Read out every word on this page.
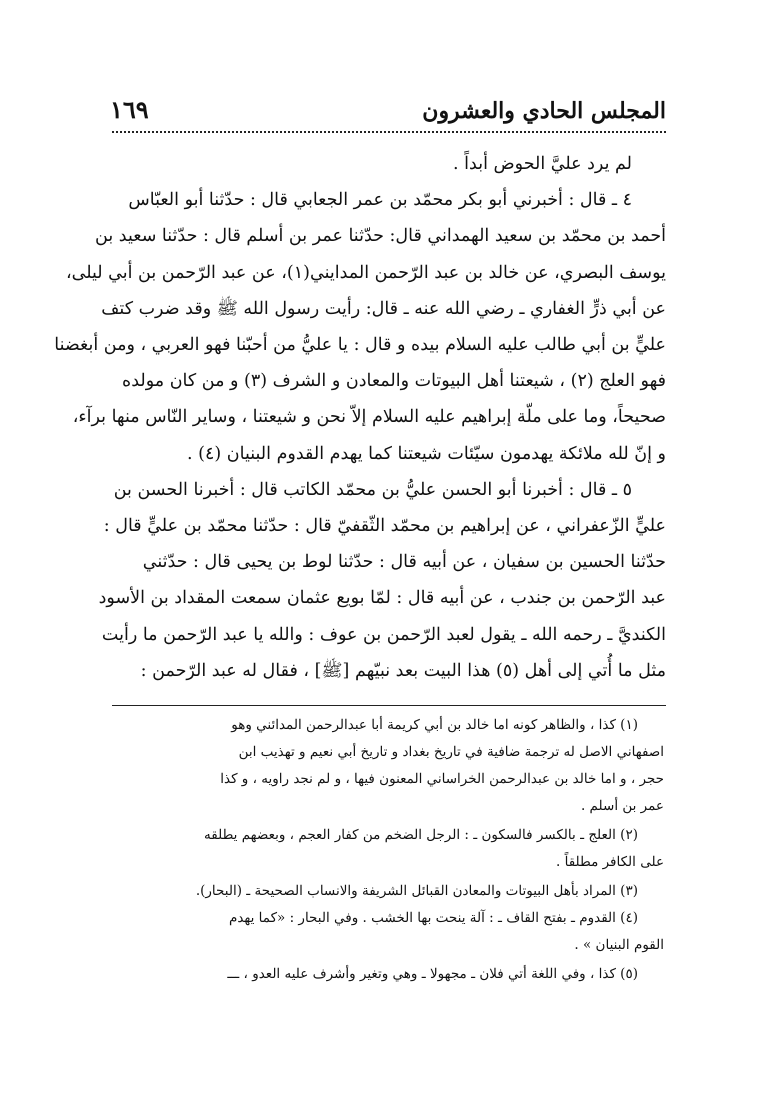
المجلس الحادي والعشرون
١٦٩
لم يرد عليَّ الحوض أبداً .
٤ ـ قال : أخبرني أبو بكر محمّد بن عمر الجعابي قال : حدّثنا أبو العبّاس
أحمد بن محمّد بن سعيد الهمداني قال: حدّثنا عمر بن أسلم قال : حدّثنا سعيد بن
يوسف البصري، عن خالد بن عبد الرّحمن المدايني(١)، عن عبد الرّحمن بن أبي ليلى،
عن أبي ذرٍّ الغفاري ـ رضي الله عنه ـ قال: رأيت رسول الله ﷺ وقد ضرب كتف
عليٍّ بن أبي طالب عليه السلام بيده و قال : يا عليُّ من أحبّنا فهو العربي ، ومن أبغضنا
فهو العلج (٢) ، شيعتنا أهل البيوتات والمعادن و الشرف (٣) و من كان مولده
صحيحاً، وما على ملّة إبراهيم عليه السلام إلاّ نحن و شيعتنا ، وساير النّاس منها برآء،
و إنّ لله ملائكة يهدمون سيّئات شيعتنا كما يهدم القدوم البنيان (٤) .
٥ ـ قال : أخبرنا أبو الحسن عليُّ بن محمّد الكاتب قال : أخبرنا الحسن بن
عليٍّ الزّعفراني ، عن إبراهيم بن محمّد الثّقفيّ قال : حدّثنا محمّد بن عليٍّ قال :
حدّثنا الحسين بن سفيان ، عن أبيه قال : حدّثنا لوط بن يحيى قال : حدّثني
عبد الرّحمن بن جندب ، عن أبيه قال : لمّا بويع عثمان سمعت المقداد بن الأسود
الكنديَّ ـ رحمه الله ـ يقول لعبد الرّحمن بن عوف : والله يا عبد الرّحمن ما رأيت
مثل ما أُتي إلى أهل (٥) هذا البيت بعد نبيّهم [ﷺ] ، فقال له عبد الرّحمن :
(١) كذا ، والظاهر كونه اما خالد بن أبي كريمة أبا عبدالرحمن المدائني وهو
اصفهاني الاصل له ترجمة ضافية في تاريخ بغداد و تاريخ أبي نعيم و تهذيب ابن
حجر ، و اما خالد بن عبدالرحمن الخراساني المعنون فيها ، و لم نجد راويه ، و كذا
عمر بن أسلم .
(٢) العلج ـ بالكسر فالسكون ـ : الرجل الضخم من كفار العجم ، وبعضهم يطلقه
على الكافر مطلقاً .
(٣) المراد بأهل البيوتات والمعادن القبائل الشريفة والانساب الصحيحة ـ (البحار).
(٤) القدوم ـ بفتح القاف ـ : آلة ينحت بها الخشب . وفي البحار : «كما يهدم
القوم البنيان » .
(٥) كذا ، وفي اللغة أتي فلان ـ مجهولا ـ وهي وتغير وأشرف عليه العدو ، ـــ
